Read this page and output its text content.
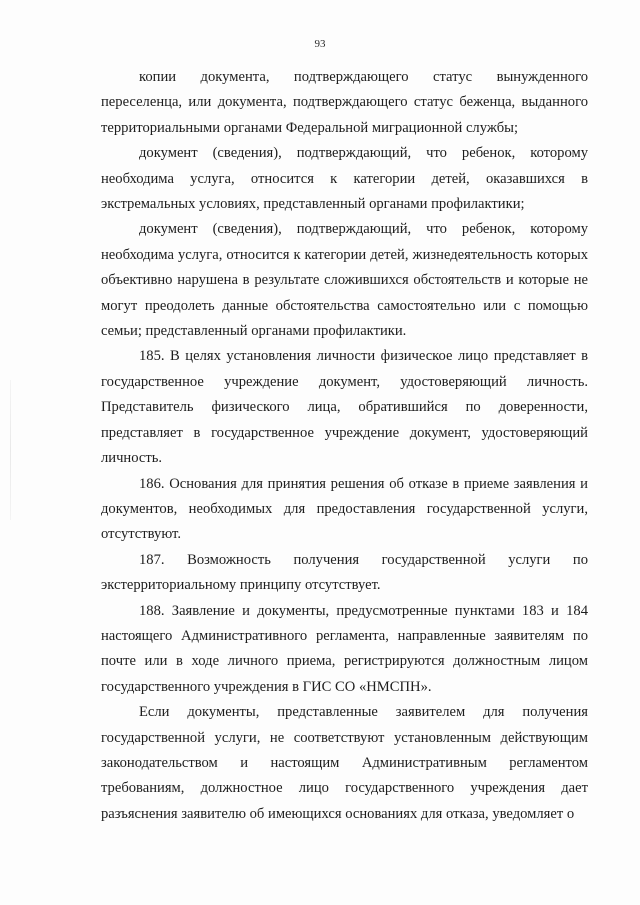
93

копии документа, подтверждающего статус вынужденного переселенца, или документа, подтверждающего статус беженца, выданного территориальными органами Федеральной миграционной службы;

документ (сведения), подтверждающий, что ребенок, которому необходима услуга, относится к категории детей, оказавшихся в экстремальных условиях, представленный органами профилактики;

документ (сведения), подтверждающий, что ребенок, которому необходима услуга, относится к категории детей, жизнедеятельность которых объективно нарушена в результате сложившихся обстоятельств и которые не могут преодолеть данные обстоятельства самостоятельно или с помощью семьи; представленный органами профилактики.

185. В целях установления личности физическое лицо представляет в государственное учреждение документ, удостоверяющий личность. Представитель физического лица, обратившийся по доверенности, представляет в государственное учреждение документ, удостоверяющий личность.

186. Основания для принятия решения об отказе в приеме заявления и документов, необходимых для предоставления государственной услуги, отсутствуют.

187. Возможность получения государственной услуги по экстерриториальному принципу отсутствует.

188. Заявление и документы, предусмотренные пунктами 183 и 184 настоящего Административного регламента, направленные заявителям по почте или в ходе личного приема, регистрируются должностным лицом государственного учреждения в ГИС СО «НМСПН».

Если документы, представленные заявителем для получения государственной услуги, не соответствуют установленным действующим законодательством и настоящим Административным регламентом требованиям, должностное лицо государственного учреждения дает разъяснения заявителю об имеющихся основаниях для отказа, уведомляет о
